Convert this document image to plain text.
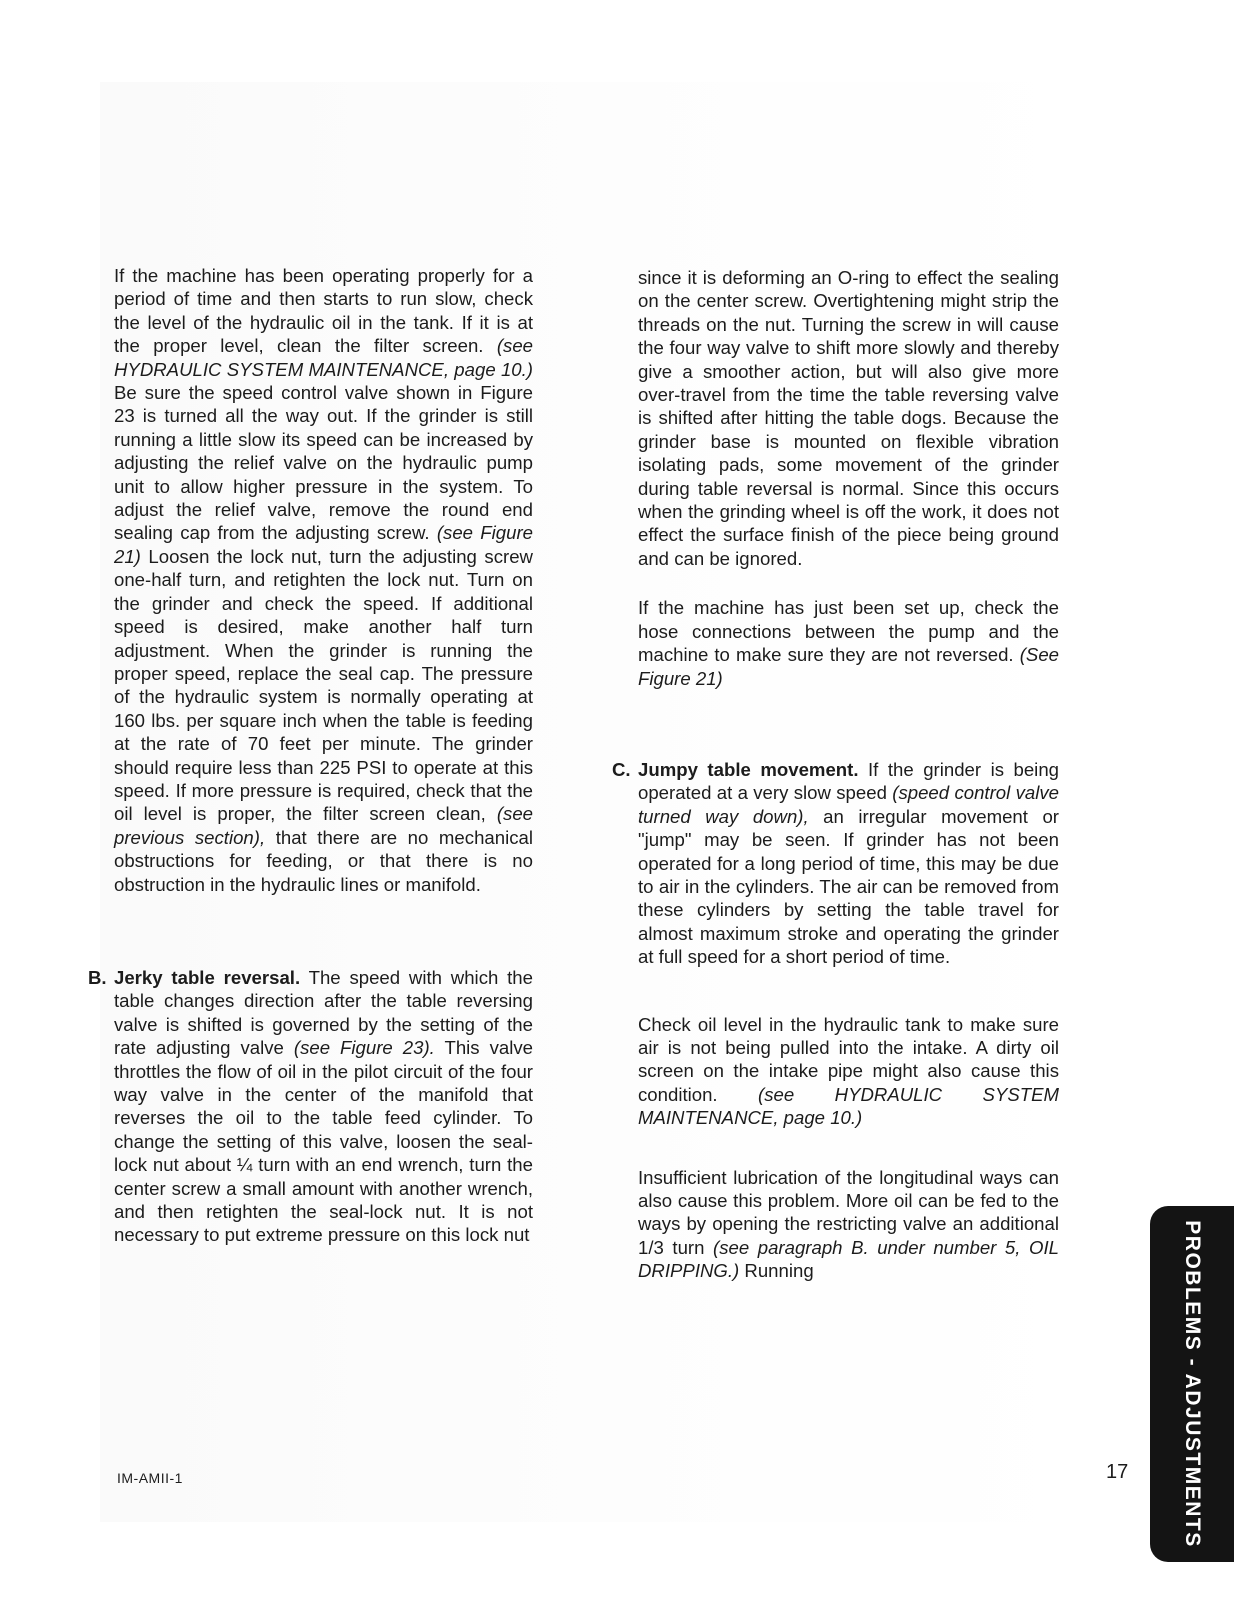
If the machine has been operating properly for a period of time and then starts to run slow, check the level of the hydraulic oil in the tank. If it is at the proper level, clean the filter screen. (see HYDRAULIC SYSTEM MAINTENANCE, page 10.) Be sure the speed control valve shown in Figure 23 is turned all the way out. If the grinder is still running a little slow its speed can be increased by adjusting the relief valve on the hydraulic pump unit to allow higher pressure in the system. To adjust the relief valve, remove the round end sealing cap from the adjusting screw. (see Figure 21) Loosen the lock nut, turn the adjusting screw one-half turn, and retighten the lock nut. Turn on the grinder and check the speed. If additional speed is desired, make another half turn adjustment. When the grinder is running the proper speed, replace the seal cap. The pressure of the hydraulic system is normally operating at 160 lbs. per square inch when the table is feeding at the rate of 70 feet per minute. The grinder should require less than 225 PSI to operate at this speed. If more pressure is required, check that the oil level is proper, the filter screen clean, (see previous section), that there are no mechanical obstructions for feeding, or that there is no obstruction in the hydraulic lines or manifold.

B. Jerky table reversal. The speed with which the table changes direction after the table reversing valve is shifted is governed by the setting of the rate adjusting valve (see Figure 23). This valve throttles the flow of oil in the pilot circuit of the four way valve in the center of the manifold that reverses the oil to the table feed cylinder. To change the setting of this valve, loosen the seal-lock nut about ¼ turn with an end wrench, turn the center screw a small amount with another wrench, and then retighten the seal-lock nut. It is not necessary to put extreme pressure on this lock nut

since it is deforming an O-ring to effect the sealing on the center screw. Overtightening might strip the threads on the nut. Turning the screw in will cause the four way valve to shift more slowly and thereby give a smoother action, but will also give more over-travel from the time the table reversing valve is shifted after hitting the table dogs. Because the grinder base is mounted on flexible vibration isolating pads, some movement of the grinder during table reversal is normal. Since this occurs when the grinding wheel is off the work, it does not effect the surface finish of the piece being ground and can be ignored.

If the machine has just been set up, check the hose connections between the pump and the machine to make sure they are not reversed. (See Figure 21)

C. Jumpy table movement. If the grinder is being operated at a very slow speed (speed control valve turned way down), an irregular movement or "jump" may be seen. If grinder has not been operated for a long period of time, this may be due to air in the cylinders. The air can be removed from these cylinders by setting the table travel for almost maximum stroke and operating the grinder at full speed for a short period of time.

Check oil level in the hydraulic tank to make sure air is not being pulled into the intake. A dirty oil screen on the intake pipe might also cause this condition. (see HYDRAULIC SYSTEM MAINTENANCE, page 10.)

Insufficient lubrication of the longitudinal ways can also cause this problem. More oil can be fed to the ways by opening the restricting valve an additional 1/3 turn (see paragraph B. under number 5, OIL DRIPPING.) Running

IM-AMII-1	17	PROBLEMS - ADJUSTMENTS
